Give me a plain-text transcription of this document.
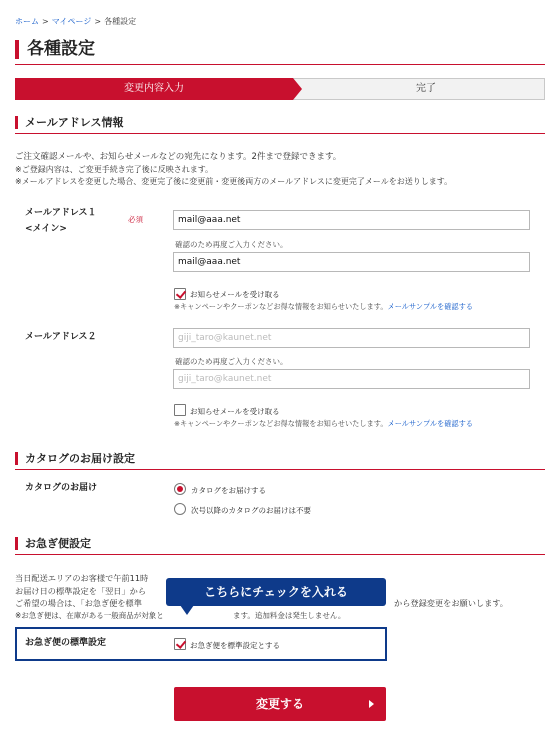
ホーム > マイページ > 各種設定
各種設定
変更内容入力	完了
メールアドレス情報
ご注文確認メールや、お知らせメールなどの宛先になります。2件まで登録できます。
※ご登録内容は、ご変更手続き完了後に反映されます。
※メールアドレスを変更した場合、変更完了後に変更前・変更後両方のメールアドレスに変更完了メールをお送りします。
メールアドレス１
<メイン>
必須	mail@aaa.net
確認のため再度ご入力ください。
mail@aaa.net
お知らせメールを受け取る
※キャンペーンやクーポンなどお得な情報をお知らせいたします。メールサンプルを確認する
メールアドレス２	giji_taro@kaunet.net
確認のため再度ご入力ください。
giji_taro@kaunet.net
お知らせメールを受け取る
※キャンペーンやクーポンなどお得な情報をお知らせいたします。メールサンプルを確認する
カタログのお届け設定
カタログのお届け	カタログをお届けする
次号以降のカタログのお届けは不要
お急ぎ便設定
当日配送エリアのお客様で午前11時
お届け日の標準設定を「翌日」から
ご希望の場合は、「お急ぎ便を標準	から登録変更をお願いします。
※お急ぎ便は、在庫がある一般商品が対象と	ます。追加料金は発生しません。
こちらにチェックを入れる
お急ぎ便の標準設定	お急ぎ便を標準設定とする
変更する
